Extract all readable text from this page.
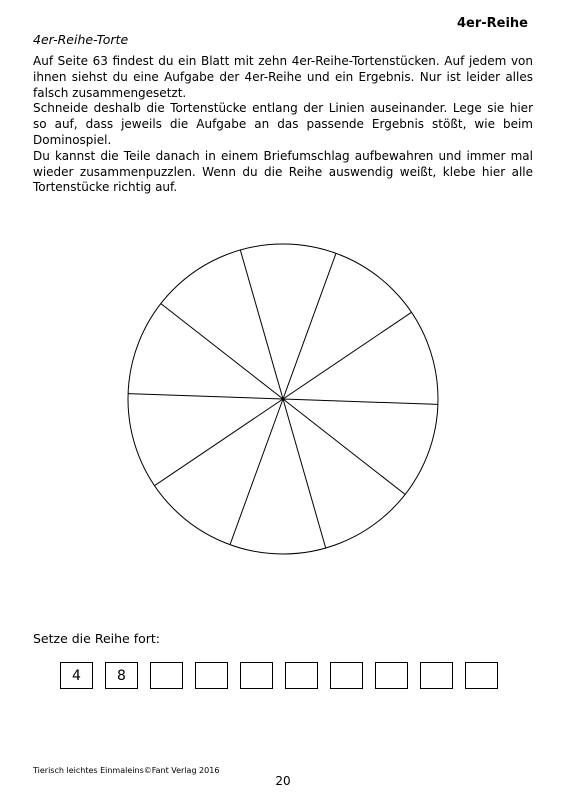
4er-Reihe
4er-Reihe-Torte

Auf Seite 63 findest du ein Blatt mit zehn 4er-Reihe-Tortenstücken. Auf jedem von ihnen siehst du eine Aufgabe der 4er-Reihe und ein Ergebnis. Nur ist leider alles falsch zusammengesetzt.

Schneide deshalb die Tortenstücke entlang der Linien auseinander. Lege sie hier so auf, dass jeweils die Aufgabe an das passende Ergebnis stößt, wie beim Dominospiel.

Du kannst die Teile danach in einem Briefumschlag aufbewahren und immer mal wieder zusammenpuzzlen. Wenn du die Reihe auswendig weißt, klebe hier alle Tortenstücke richtig auf.

Setze die Reihe fort:
4	8
Tierisch leichtes Einmaleins©Fant Verlag 2016
20
